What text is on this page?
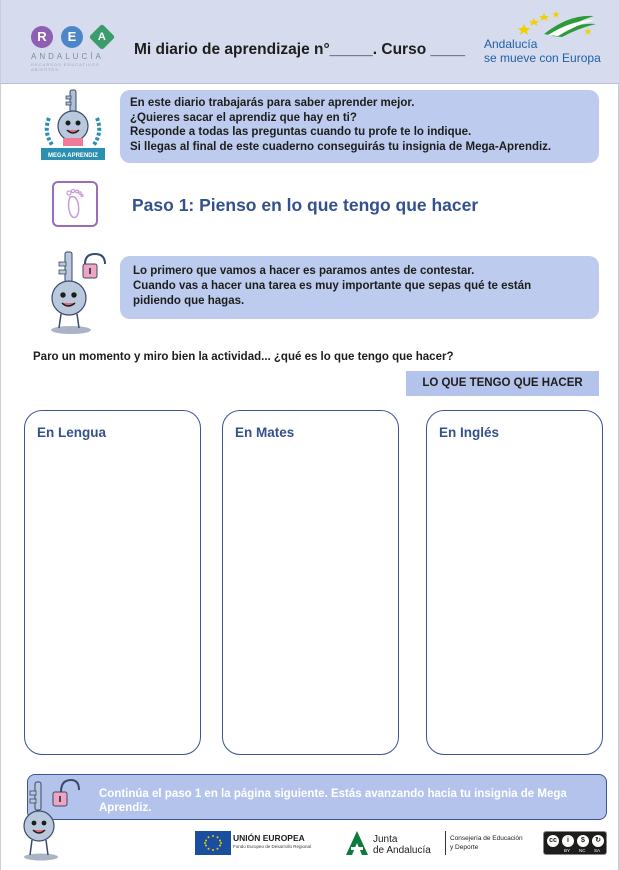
R	E	A
ANDALUCÍA
RECURSOS EDUCATIVOS ABIERTOS
Mi diario de aprendizaje n°_____. Curso ____ Andalucía
se mueve con Europa
MEGA APRENDIZ

En este diario trabajarás para saber aprender mejor.

¿Quieres sacar el aprendiz que hay en ti?

Responde a todas las preguntas cuando tu profe te lo indique.

Si llegas al final de este cuaderno conseguirás tu insignia de Mega-Aprendiz.

Paso 1: Pienso en lo que tengo que hacer

Lo primero que vamos a hacer es paramos antes de contestar.

Cuando vas a hacer una tarea es muy importante que sepas qué te están

pidiendo que hagas.

Paro un momento y miro bien la actividad... ¿qué es lo que tengo que hacer?
LO QUE TENGO QUE HACER
En Lengua	En Mates	En Inglés
Continúa el paso 1 en la página siguiente. Estás avanzando hacia tu insignia de Mega Aprendiz.
UNIÓN EUROPEA
Fondo Europeo de Desarrollo Regional
Junta
de Andalucía
Consejería de Educación
y Deporte
cc	i	$	↻
BY NC SA
